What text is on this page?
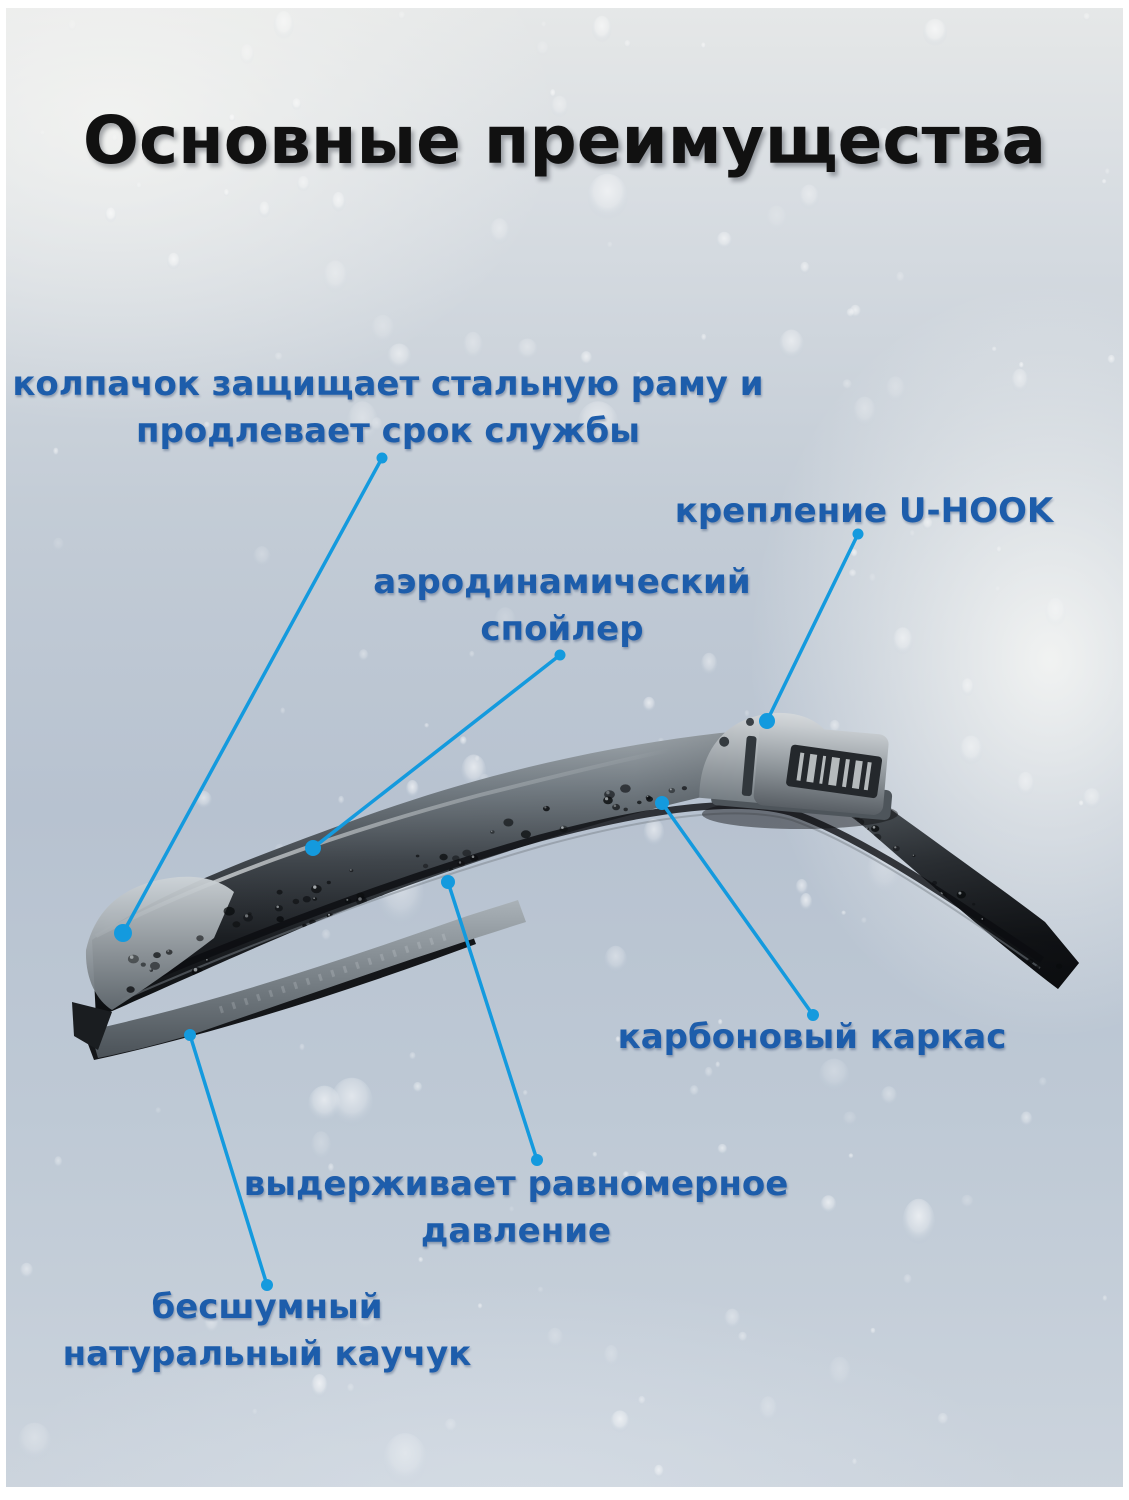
Основные преимущества
колпачок защищает стальную раму и
продлевает срок службы
аэродинамический
спойлер
крепление U-HOOK
карбоновый каркас
выдерживает равномерное
давление
бесшумный
натуральный каучук
